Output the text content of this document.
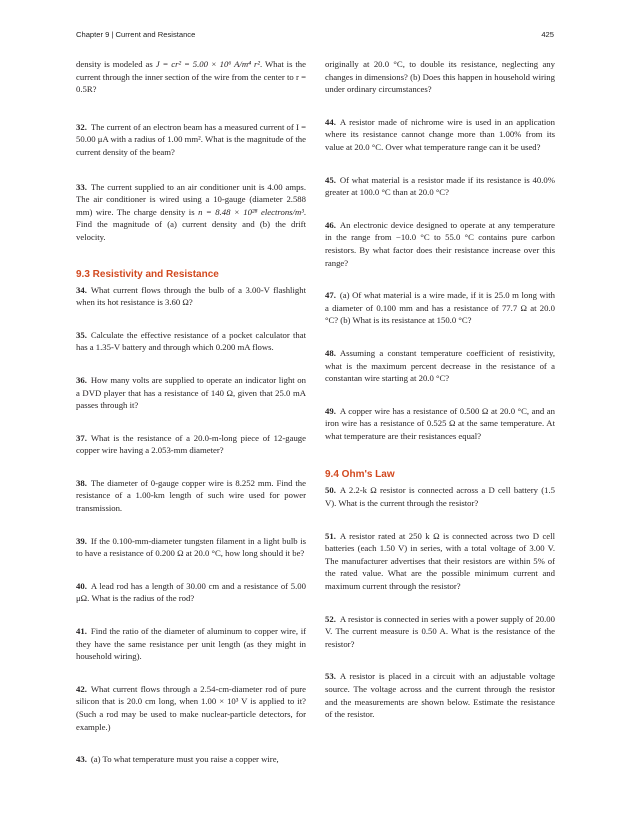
Chapter 9 | Current and Resistance	425

density is modeled as J = cr² = 5.00 × 10⁶ A/m⁴ r². What is the current through the inner section of the wire from the center to r = 0.5R?

32. The current of an electron beam has a measured current of I = 50.00 μA with a radius of 1.00 mm². What is the magnitude of the current density of the beam?

33. The current supplied to an air conditioner unit is 4.00 amps. The air conditioner is wired using a 10-gauge (diameter 2.588 mm) wire. The charge density is n = 8.48 × 10²⁸ electrons/m³. Find the magnitude of (a) current density and (b) the drift velocity.

9.3 Resistivity and Resistance

34. What current flows through the bulb of a 3.00-V flashlight when its hot resistance is 3.60 Ω?

35. Calculate the effective resistance of a pocket calculator that has a 1.35-V battery and through which 0.200 mA flows.

36. How many volts are supplied to operate an indicator light on a DVD player that has a resistance of 140 Ω, given that 25.0 mA passes through it?

37. What is the resistance of a 20.0-m-long piece of 12-gauge copper wire having a 2.053-mm diameter?

38. The diameter of 0-gauge copper wire is 8.252 mm. Find the resistance of a 1.00-km length of such wire used for power transmission.

39. If the 0.100-mm-diameter tungsten filament in a light bulb is to have a resistance of 0.200 Ω at 20.0 °C, how long should it be?

40. A lead rod has a length of 30.00 cm and a resistance of 5.00 μΩ. What is the radius of the rod?

41. Find the ratio of the diameter of aluminum to copper wire, if they have the same resistance per unit length (as they might in household wiring).

42. What current flows through a 2.54-cm-diameter rod of pure silicon that is 20.0 cm long, when 1.00 × 10³ V is applied to it? (Such a rod may be used to make nuclear-particle detectors, for example.)

43. (a) To what temperature must you raise a copper wire,

originally at 20.0 °C, to double its resistance, neglecting any changes in dimensions? (b) Does this happen in household wiring under ordinary circumstances?

44. A resistor made of nichrome wire is used in an application where its resistance cannot change more than 1.00% from its value at 20.0 °C. Over what temperature range can it be used?

45. Of what material is a resistor made if its resistance is 40.0% greater at 100.0 °C than at 20.0 °C?

46. An electronic device designed to operate at any temperature in the range from −10.0 °C to 55.0 °C contains pure carbon resistors. By what factor does their resistance increase over this range?

47. (a) Of what material is a wire made, if it is 25.0 m long with a diameter of 0.100 mm and has a resistance of 77.7 Ω at 20.0 °C? (b) What is its resistance at 150.0 °C?

48. Assuming a constant temperature coefficient of resistivity, what is the maximum percent decrease in the resistance of a constantan wire starting at 20.0 °C?

49. A copper wire has a resistance of 0.500 Ω at 20.0 °C, and an iron wire has a resistance of 0.525 Ω at the same temperature. At what temperature are their resistances equal?

9.4 Ohm's Law

50. A 2.2-k Ω resistor is connected across a D cell battery (1.5 V). What is the current through the resistor?

51. A resistor rated at 250 k Ω is connected across two D cell batteries (each 1.50 V) in series, with a total voltage of 3.00 V. The manufacturer advertises that their resistors are within 5% of the rated value. What are the possible minimum current and maximum current through the resistor?

52. A resistor is connected in series with a power supply of 20.00 V. The current measure is 0.50 A. What is the resistance of the resistor?

53. A resistor is placed in a circuit with an adjustable voltage source. The voltage across and the current through the resistor and the measurements are shown below. Estimate the resistance of the resistor.
